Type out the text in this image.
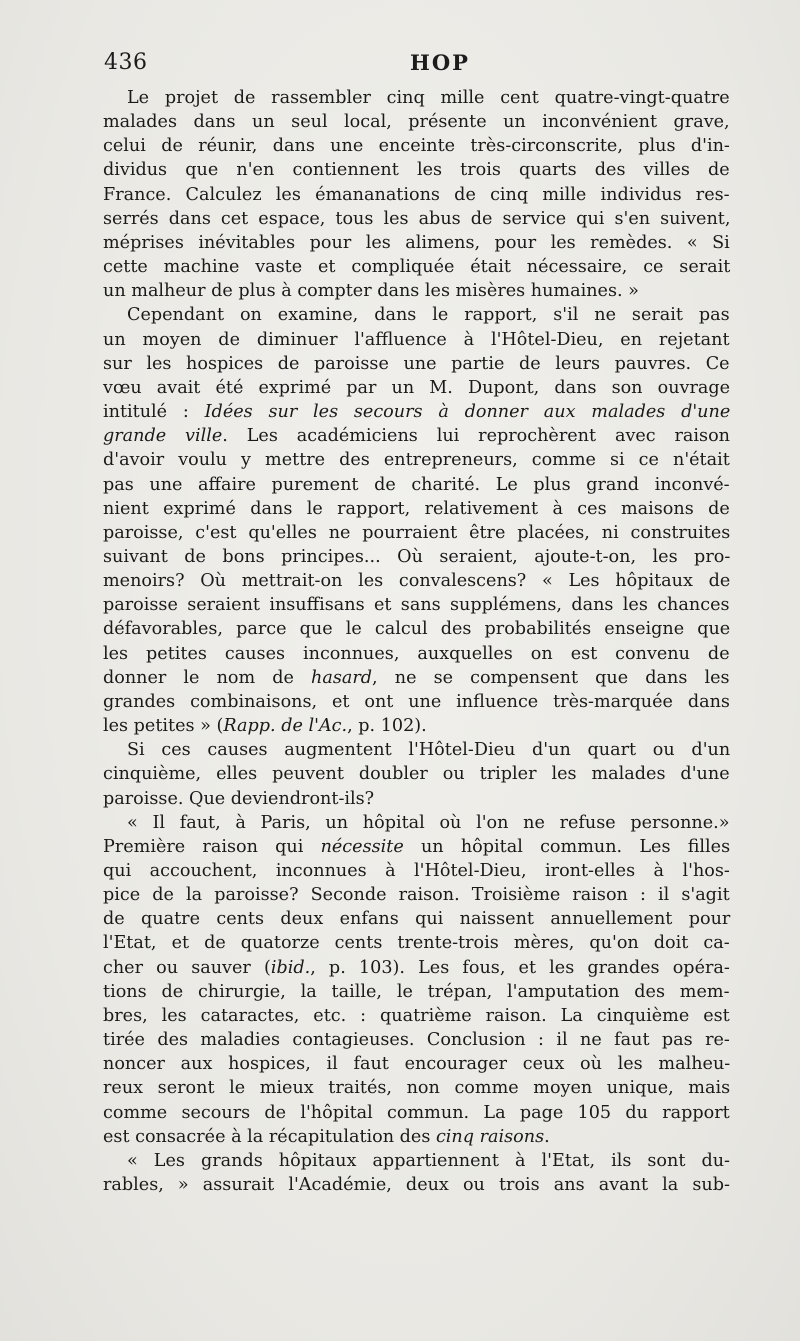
436	HOP
Le projet de rassembler cinq mille cent quatre-vingt-quatre
malades dans un seul local, présente un inconvénient grave,
celui de réunir, dans une enceinte très-circonscrite, plus d'in-
dividus que n'en contiennent les trois quarts des villes de
France. Calculez les émananations de cinq mille individus res-
serrés dans cet espace, tous les abus de service qui s'en suivent,
méprises inévitables pour les alimens, pour les remèdes. « Si
cette machine vaste et compliquée était nécessaire, ce serait
un malheur de plus à compter dans les misères humaines. »
Cependant on examine, dans le rapport, s'il ne serait pas
un moyen de diminuer l'affluence à l'Hôtel-Dieu, en rejetant
sur les hospices de paroisse une partie de leurs pauvres. Ce
vœu avait été exprimé par un M. Dupont, dans son ouvrage
intitulé : Idées sur les secours à donner aux malades d'une
grande ville. Les académiciens lui reprochèrent avec raison
d'avoir voulu y mettre des entrepreneurs, comme si ce n'était
pas une affaire purement de charité. Le plus grand inconvé-
nient exprimé dans le rapport, relativement à ces maisons de
paroisse, c'est qu'elles ne pourraient être placées, ni construites
suivant de bons principes... Où seraient, ajoute-t-on, les pro-
menoirs? Où mettrait-on les convalescens? « Les hôpitaux de
paroisse seraient insuffisans et sans supplémens, dans les chances
défavorables, parce que le calcul des probabilités enseigne que
les petites causes inconnues, auxquelles on est convenu de
donner le nom de hasard, ne se compensent que dans les
grandes combinaisons, et ont une influence très-marquée dans
les petites » (Rapp. de l'Ac., p. 102).
Si ces causes augmentent l'Hôtel-Dieu d'un quart ou d'un
cinquième, elles peuvent doubler ou tripler les malades d'une
paroisse. Que deviendront-ils?
« Il faut, à Paris, un hôpital où l'on ne refuse personne.»
Première raison qui nécessite un hôpital commun. Les filles
qui accouchent, inconnues à l'Hôtel-Dieu, iront-elles à l'hos-
pice de la paroisse? Seconde raison. Troisième raison : il s'agit
de quatre cents deux enfans qui naissent annuellement pour
l'Etat, et de quatorze cents trente-trois mères, qu'on doit ca-
cher ou sauver (ibid., p. 103). Les fous, et les grandes opéra-
tions de chirurgie, la taille, le trépan, l'amputation des mem-
bres, les cataractes, etc. : quatrième raison. La cinquième est
tirée des maladies contagieuses. Conclusion : il ne faut pas re-
noncer aux hospices, il faut encourager ceux où les malheu-
reux seront le mieux traités, non comme moyen unique, mais
comme secours de l'hôpital commun. La page 105 du rapport
est consacrée à la récapitulation des cinq raisons.
« Les grands hôpitaux appartiennent à l'Etat, ils sont du-
rables, » assurait l'Académie, deux ou trois ans avant la sub-
